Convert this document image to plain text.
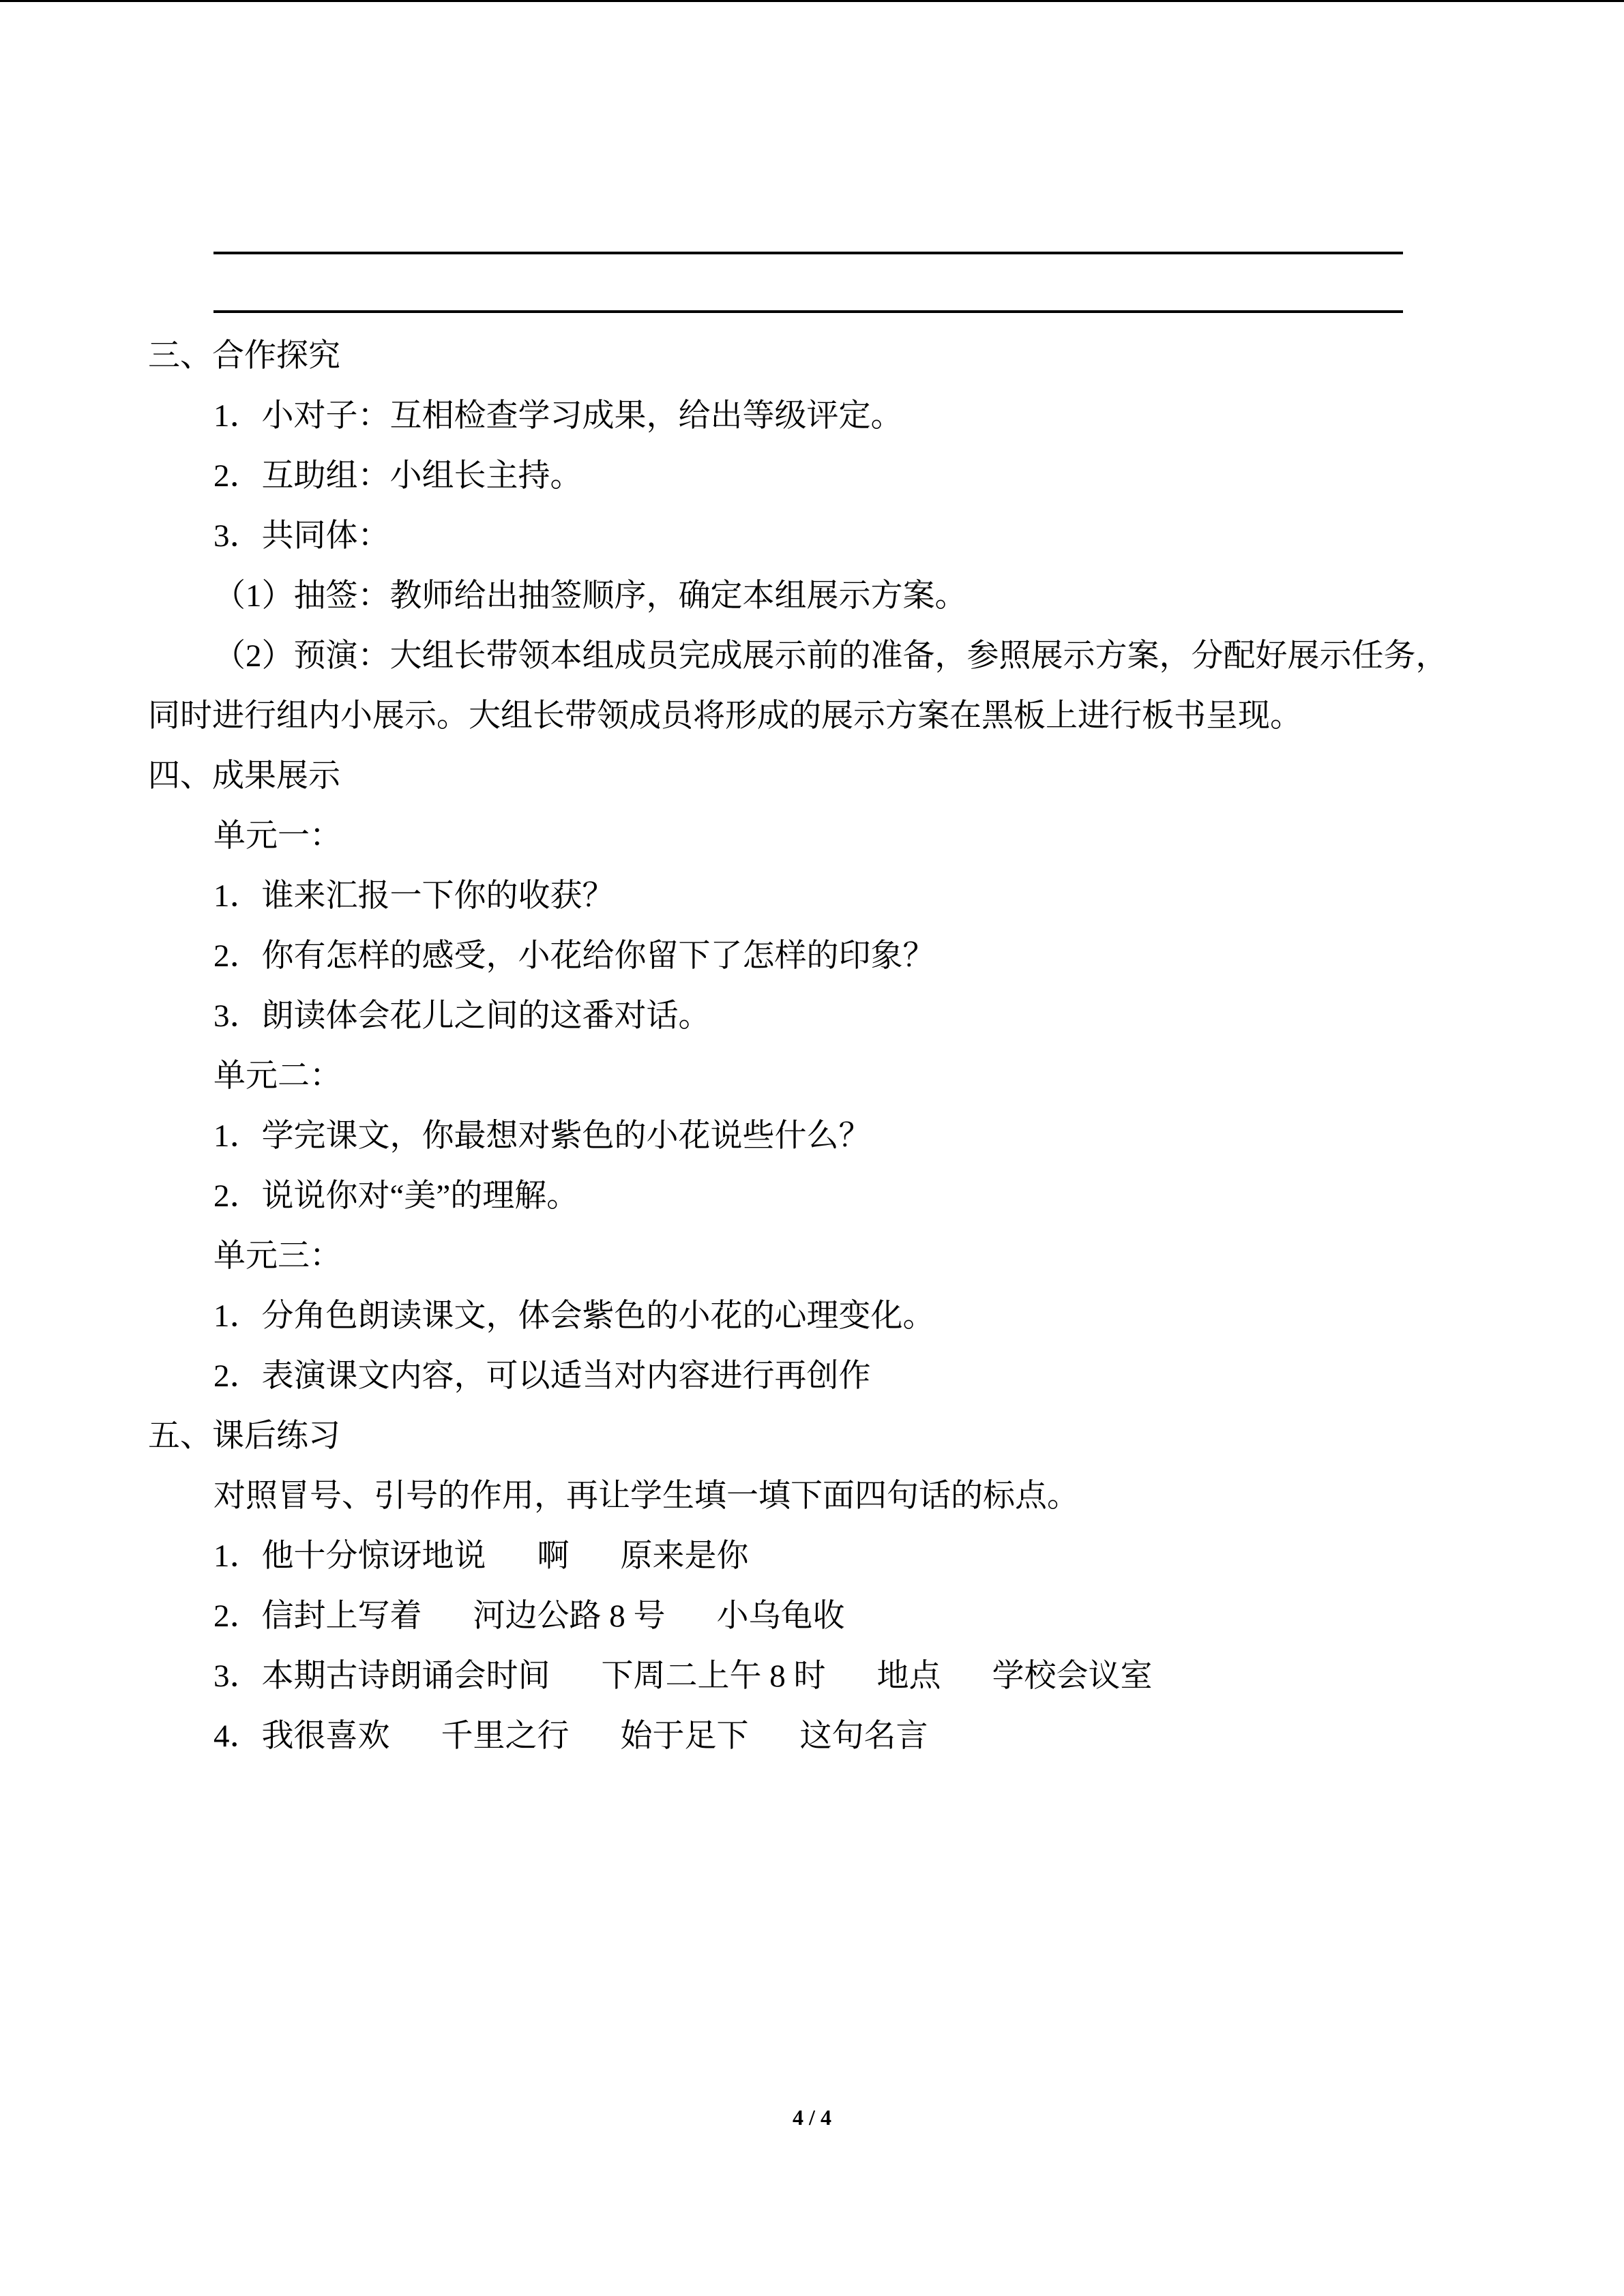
三、合作探究
1．小对子：互相检查学习成果，给出等级评定。
2．互助组：小组长主持。
3．共同体：
（1）抽签：教师给出抽签顺序，确定本组展示方案。
（2）预演：大组长带领本组成员完成展示前的准备，参照展示方案，分配好展示任务，
同时进行组内小展示。大组长带领成员将形成的展示方案在黑板上进行板书呈现。
四、成果展示
单元一：
1．谁来汇报一下你的收获？
2．你有怎样的感受，小花给你留下了怎样的印象？
3．朗读体会花儿之间的这番对话。
单元二：
1．学完课文，你最想对紫色的小花说些什么？
2．说说你对“美”的理解。
单元三：
1．分角色朗读课文，体会紫色的小花的心理变化。
2．表演课文内容，可以适当对内容进行再创作
五、课后练习
对照冒号、引号的作用，再让学生填一填下面四句话的标点。
1．他十分惊讶地说 啊 原来是你
2．信封上写着 河边公路 8 号 小乌龟收
3．本期古诗朗诵会时间 下周二上午 8 时 地点 学校会议室
4．我很喜欢 千里之行 始于足下 这句名言
4 / 4
